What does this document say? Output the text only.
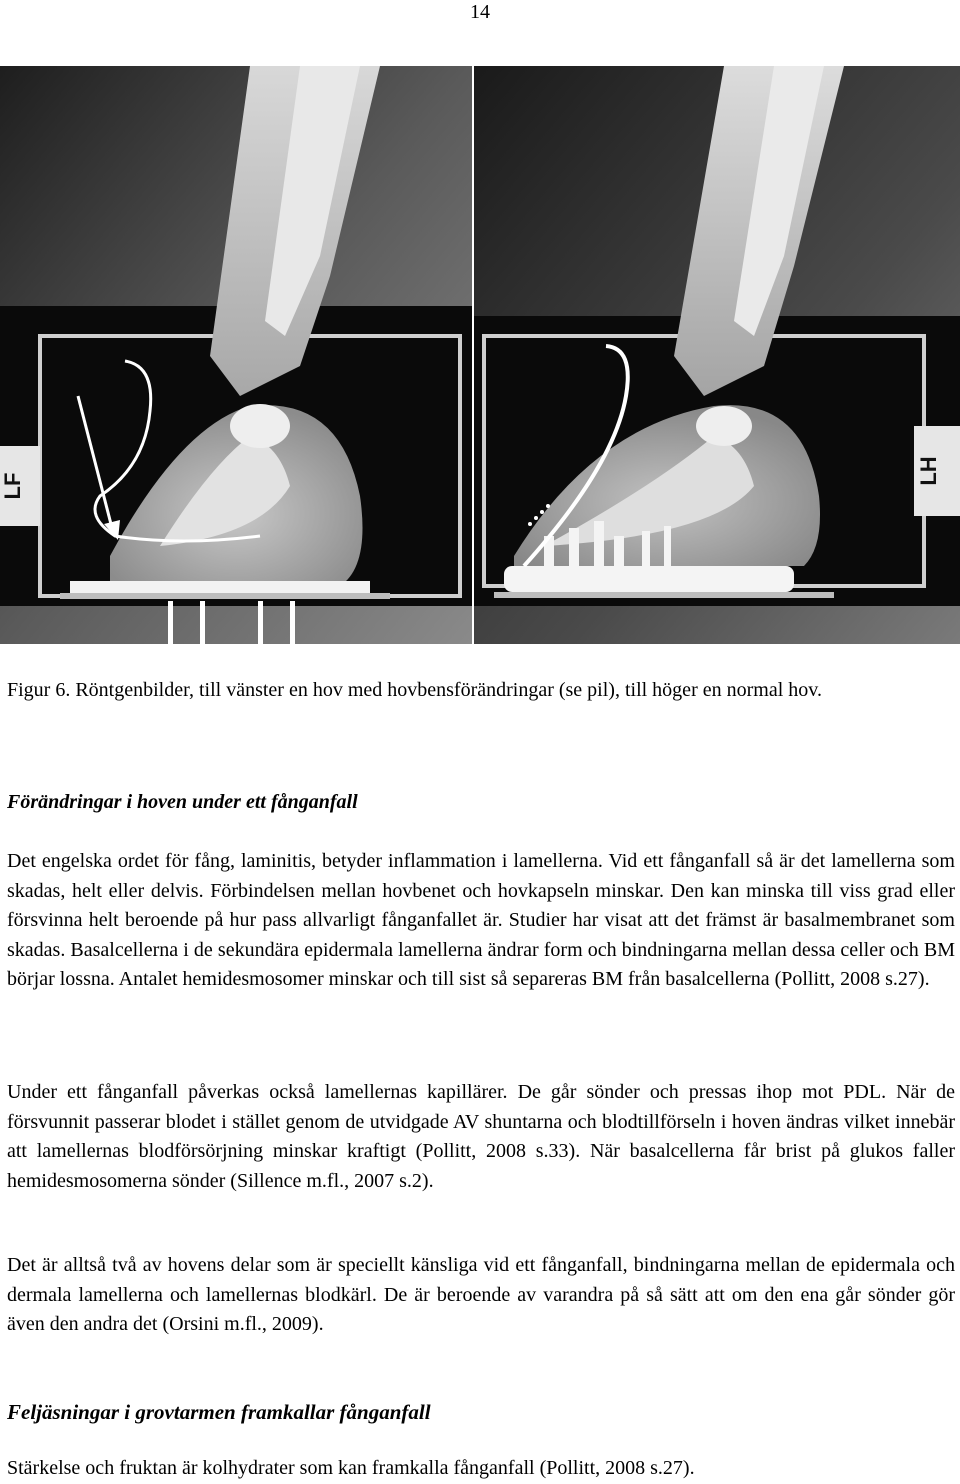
14
LF
LH

Figur 6. Röntgenbilder, till vänster en hov med hovbensförändringar (se pil), till höger en normal hov.

Förändringar i hoven under ett fånganfall

Det engelska ordet för fång, laminitis, betyder inflammation i lamellerna. Vid ett fånganfall så är det lamellerna som skadas, helt eller delvis. Förbindelsen mellan hovbenet och hovkapseln minskar. Den kan minska till viss grad eller försvinna helt beroende på hur pass allvarligt fånganfallet är. Studier har visat att det främst är basalmembranet som skadas. Basalcellerna i de sekundära epidermala lamellerna ändrar form och bindningarna mellan dessa celler och BM börjar lossna. Antalet hemidesmosomer minskar och till sist så separeras BM från basalcellerna (Pollitt, 2008 s.27).

Under ett fånganfall påverkas också lamellernas kapillärer. De går sönder och pressas ihop mot PDL. När de försvunnit passerar blodet i stället genom de utvidgade AV shuntarna och blodtillförseln i hoven ändras vilket innebär att lamellernas blodförsörjning minskar kraftigt (Pollitt, 2008 s.33). När basalcellerna får brist på glukos faller hemidesmosomerna sönder (Sillence m.fl., 2007 s.2).

Det är alltså två av hovens delar som är speciellt känsliga vid ett fånganfall, bindningarna mellan de epidermala och dermala lamellerna och lamellernas blodkärl. De är beroende av varandra på så sätt att om den ena går sönder gör även den andra det (Orsini m.fl., 2009).

Feljäsningar i grovtarmen framkallar fånganfall

Stärkelse och fruktan är kolhydrater som kan framkalla fånganfall (Pollitt, 2008 s.27).
